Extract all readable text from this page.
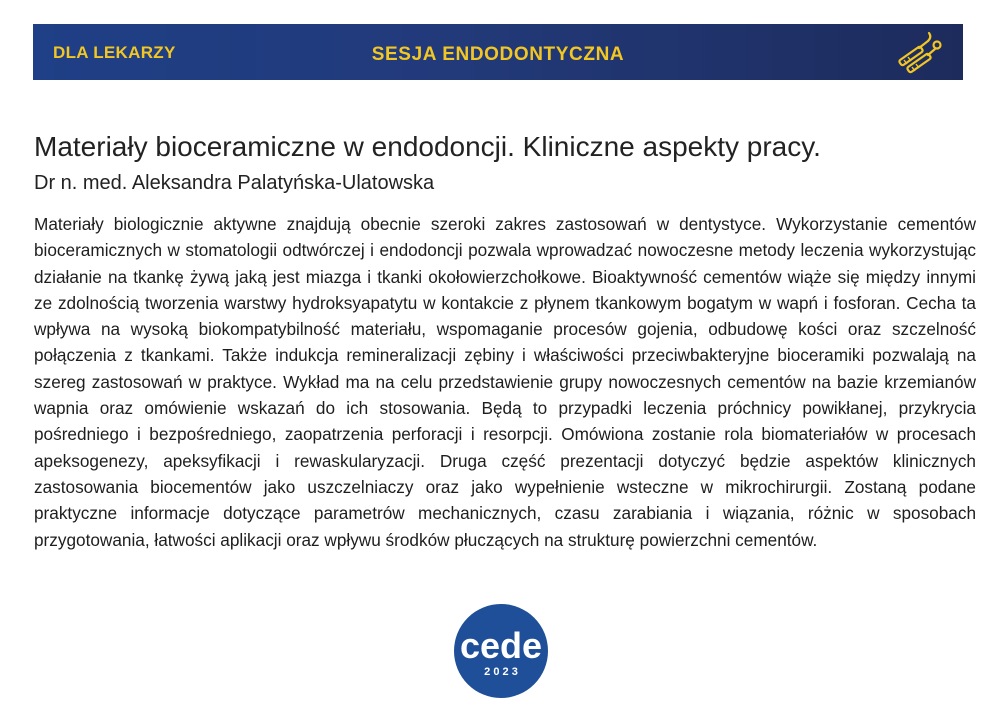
DLA LEKARZY	SESJA ENDODONTYCZNA
Materiały bioceramiczne w endodoncji. Kliniczne aspekty pracy.
Dr n. med. Aleksandra Palatyńska-Ulatowska
Materiały biologicznie aktywne znajdują obecnie szeroki zakres zastosowań w dentystyce. Wykorzystanie cementów bioceramicznych w stomatologii odtwórczej i endodoncji pozwala wprowadzać nowoczesne metody leczenia wykorzystując działanie na tkankę żywą jaką jest miazga i tkanki okołowierzchołkowe. Bioaktywność cementów wiąże się między innymi ze zdolnością tworzenia warstwy hydroksyapatytu w kontakcie z płynem tkankowym bogatym w wapń i fosforan. Cecha ta wpływa na wysoką biokompatybilność materiału, wspomaganie procesów gojenia, odbudowę kości oraz szczelność połączenia z tkankami. Także indukcja remineralizacji zębiny i właściwości przeciwbakteryjne bioceramiki pozwalają na szereg zastosowań w praktyce. Wykład ma na celu przedstawienie grupy nowoczesnych cementów na bazie krzemianów wapnia oraz omówienie wskazań do ich stosowania. Będą to przypadki leczenia próchnicy powikłanej, przykrycia pośredniego i bezpośredniego, zaopatrzenia perforacji i resorpcji. Omówiona zostanie rola biomateriałów w procesach apeksogenezy, apeksyfikacji i rewaskularyzacji. Druga część prezentacji dotyczyć będzie aspektów klinicznych zastosowania biocementów jako uszczelniaczy oraz jako wypełnienie wsteczne w mikrochirurgii. Zostaną podane praktyczne informacje dotyczące parametrów mechanicznych, czasu zarabiania i wiązania, różnic w sposobach przygotowania, łatwości aplikacji oraz wpływu środków płuczących na strukturę powierzchni cementów.
cede
2 0 2 3
